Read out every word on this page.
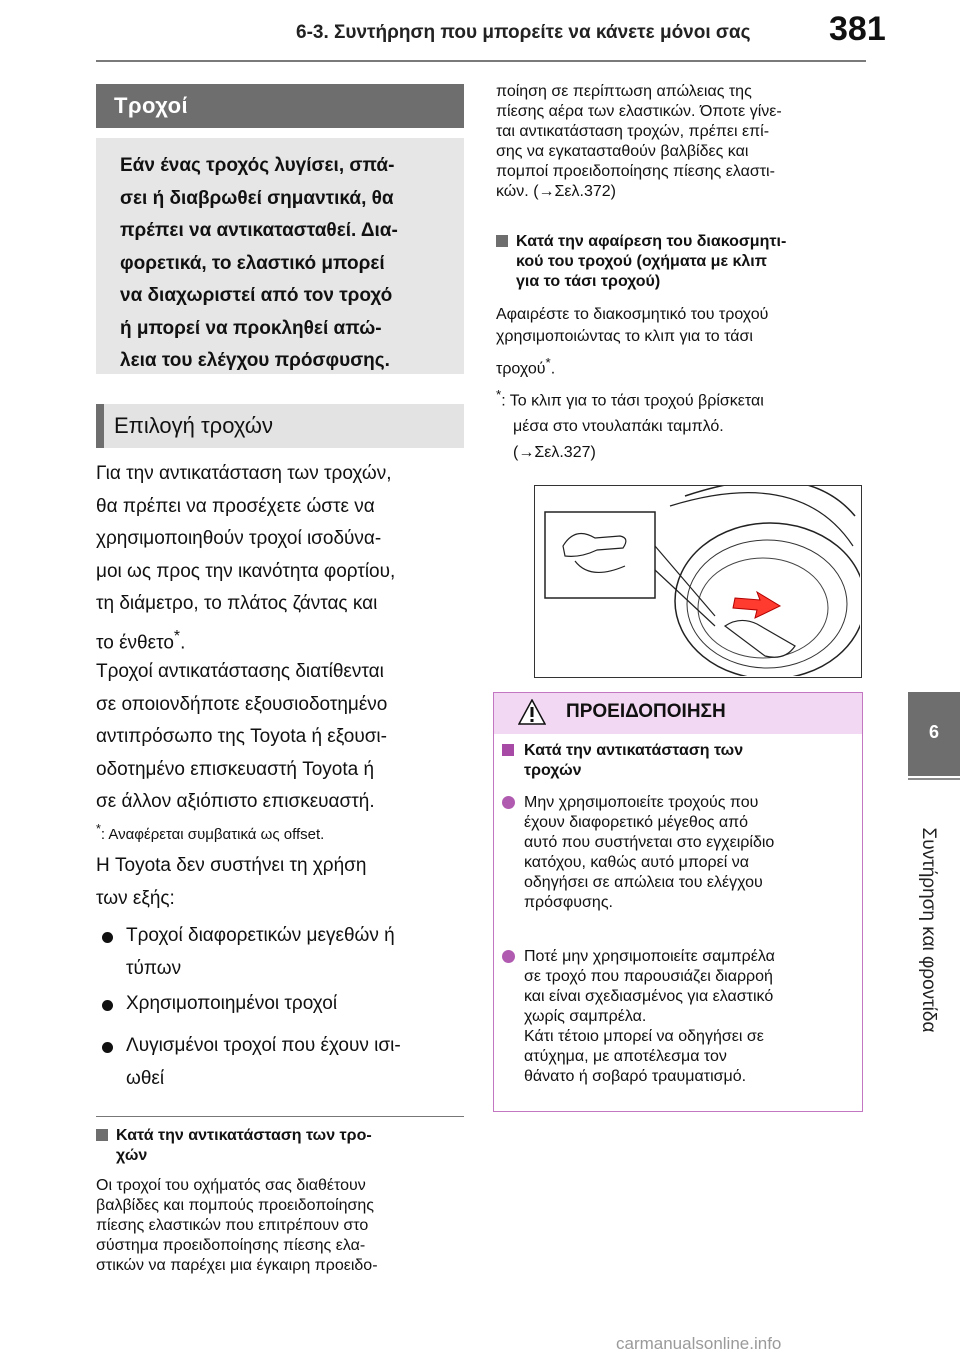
6-3. Συντήρηση που μπορείτε να κάνετε μόνοι σας 381
6
Συντήρηση και φροντίδα
Τροχοί
Εάν ένας τροχός λυγίσει, σπά-
σει ή διαβρωθεί σημαντικά, θα
πρέπει να αντικατασταθεί. Δια-
φορετικά, το ελαστικό μπορεί
να διαχωριστεί από τον τροχό
ή μπορεί να προκληθεί απώ-
λεια του ελέγχου πρόσφυσης.
Επιλογή τροχών
Για την αντικατάσταση των τροχών,
θα πρέπει να προσέχετε ώστε να
χρησιμοποιηθούν τροχοί ισοδύνα-
μοι ως προς την ικανότητα φορτίου,
τη διάμετρο, το πλάτος ζάντας και
το ένθετο*.
Τροχοί αντικατάστασης διατίθενται
σε οποιονδήποτε εξουσιοδοτημένο
αντιπρόσωπο της Toyota ή εξουσι-
οδοτημένο επισκευαστή Toyota ή
σε άλλον αξιόπιστο επισκευαστή.
*: Αναφέρεται συμβατικά ως offset.
Η Toyota δεν συστήνει τη χρήση
των εξής:
Τροχοί διαφορετικών μεγεθών ή
τύπων
Χρησιμοποιημένοι τροχοί
Λυγισμένοι τροχοί που έχουν ισι-
ωθεί
Κατά την αντικατάσταση των τρο-
χών
Οι τροχοί του οχήματός σας διαθέτουν
βαλβίδες και πομπούς προειδοποίησης
πίεσης ελαστικών που επιτρέπουν στο
σύστημα προειδοποίησης πίεσης ελα-
στικών να παρέχει μια έγκαιρη προειδο-
ποίηση σε περίπτωση απώλειας της
πίεσης αέρα των ελαστικών. Όποτε γίνε-
ται αντικατάσταση τροχών, πρέπει επί-
σης να εγκατασταθούν βαλβίδες και
πομποί προειδοποίησης πίεσης ελαστι-
κών. (→Σελ.372)
Κατά την αφαίρεση του διακοσμητι-
κού του τροχού (οχήματα με κλιπ
για το τάσι τροχού)
Αφαιρέστε το διακοσμητικό του τροχού
χρησιμοποιώντας το κλιπ για το τάσι
τροχού*.
*: Το κλιπ για το τάσι τροχού βρίσκεται
μέσα στο ντουλαπάκι ταμπλό.
(→Σελ.327)
ΠΡΟΕΙΔΟΠΟΙΗΣΗ
Κατά την αντικατάσταση των
τροχών
Μην χρησιμοποιείτε τροχούς που
έχουν διαφορετικό μέγεθος από
αυτό που συστήνεται στο εγχειρίδιο
κατόχου, καθώς αυτό μπορεί να
οδηγήσει σε απώλεια του ελέγχου
πρόσφυσης.
Ποτέ μην χρησιμοποιείτε σαμπρέλα
σε τροχό που παρουσιάζει διαρροή
και είναι σχεδιασμένος για ελαστικό
χωρίς σαμπρέλα.
Κάτι τέτοιο μπορεί να οδηγήσει σε
ατύχημα, με αποτέλεσμα τον
θάνατο ή σοβαρό τραυματισμό.
carmanualsonline.info
